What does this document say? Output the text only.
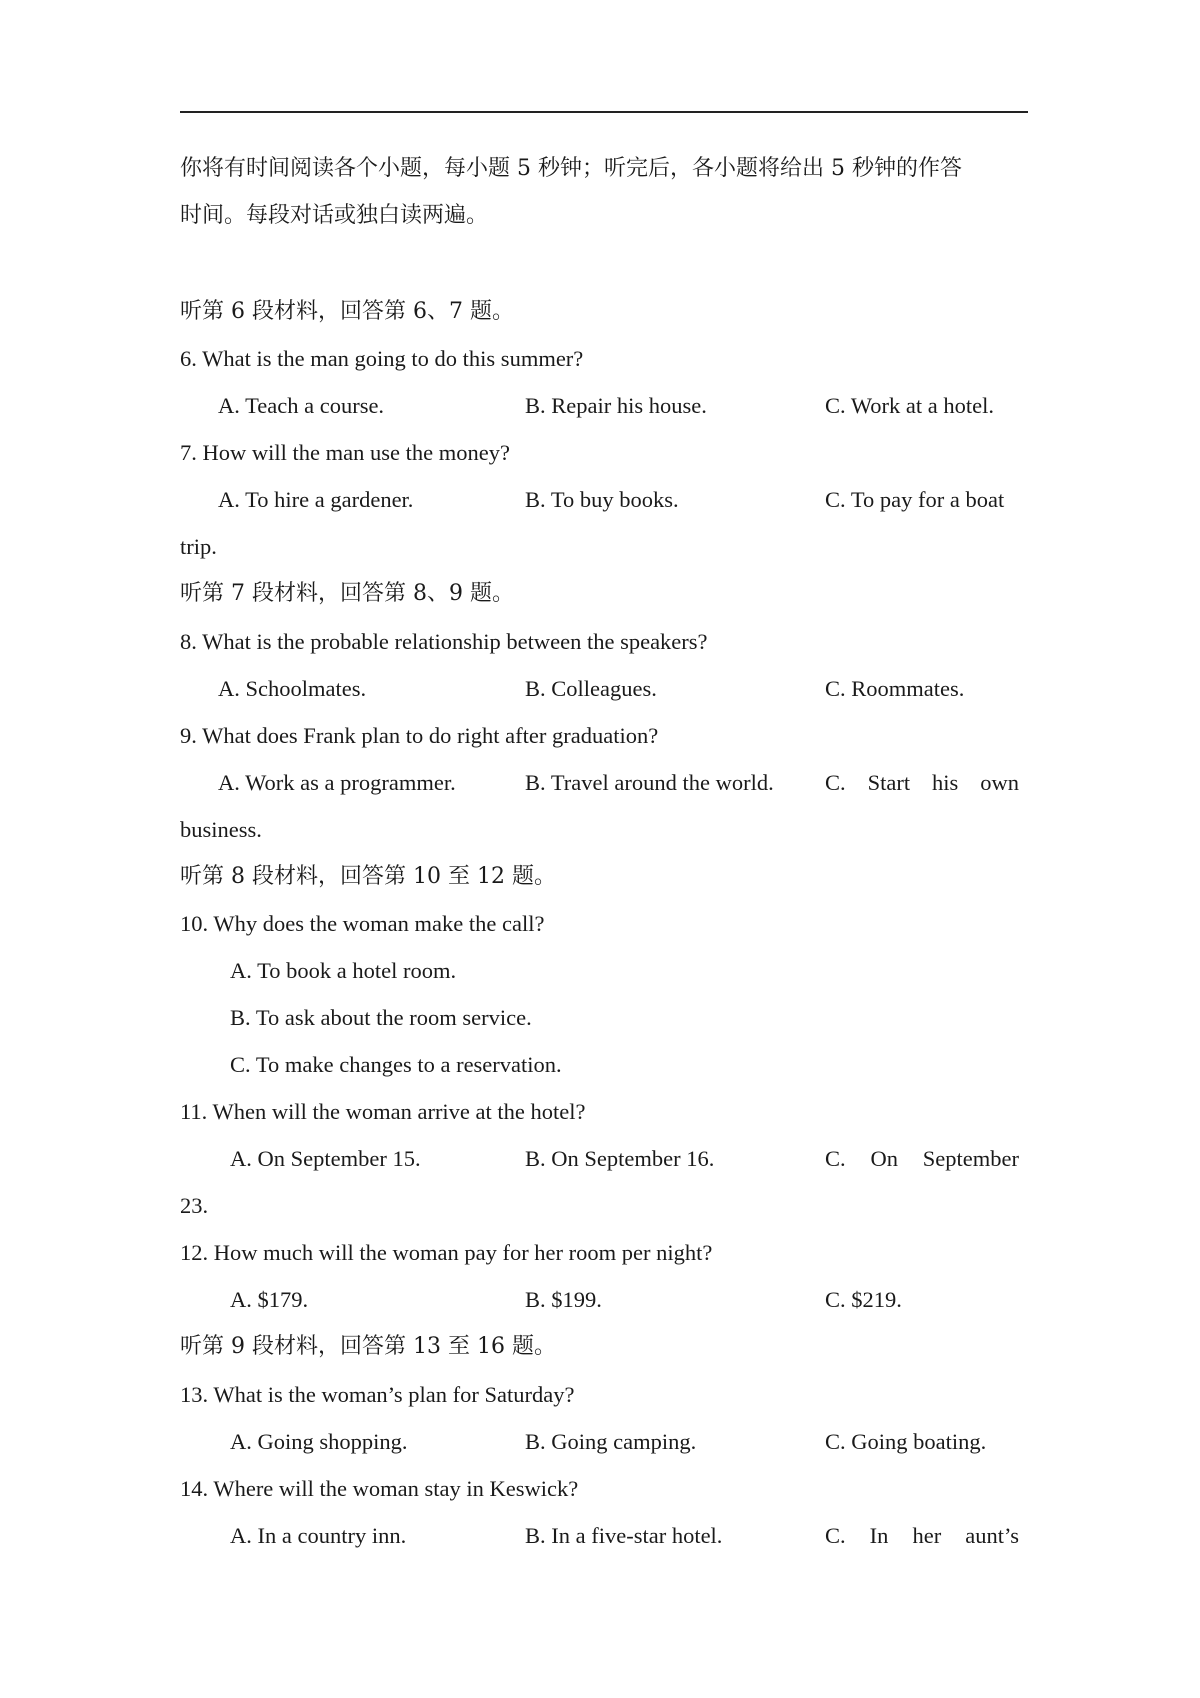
你将有时间阅读各个小题，每小题 5 秒钟；听完后，各小题将给出 5 秒钟的作答
时间。每段对话或独白读两遍。
听第 6 段材料，回答第 6、7 题。
6. What is the man going to do this summer?
A. Teach a course.	B. Repair his house.	C. Work at a hotel.
7. How will the man use the money?
A. To hire a gardener.	B. To buy books.	C. To pay for a boat
trip.
听第 7 段材料，回答第 8、9 题。
8. What is the probable relationship between the speakers?
A. Schoolmates.	B. Colleagues.	C. Roommates.
9. What does Frank plan to do right after graduation?
A. Work as a programmer.	B. Travel around the world. C. Start his own
business.
听第 8 段材料，回答第 10 至 12 题。
10. Why does the woman make the call?
A. To book a hotel room.
B. To ask about the room service.
C. To make changes to a reservation.
11. When will the woman arrive at the hotel?
A. On September 15.	B. On September 16.	C. On September
23.
12. How much will the woman pay for her room per night?
A. $179.	B. $199.	C. $219.
听第 9 段材料，回答第 13 至 16 题。
13. What is the woman’s plan for Saturday?
A. Going shopping.	B. Going camping.	C. Going boating.
14. Where will the woman stay in Keswick?
A. In a country inn.	B. In a five-star hotel.	C. In her aunt’s
